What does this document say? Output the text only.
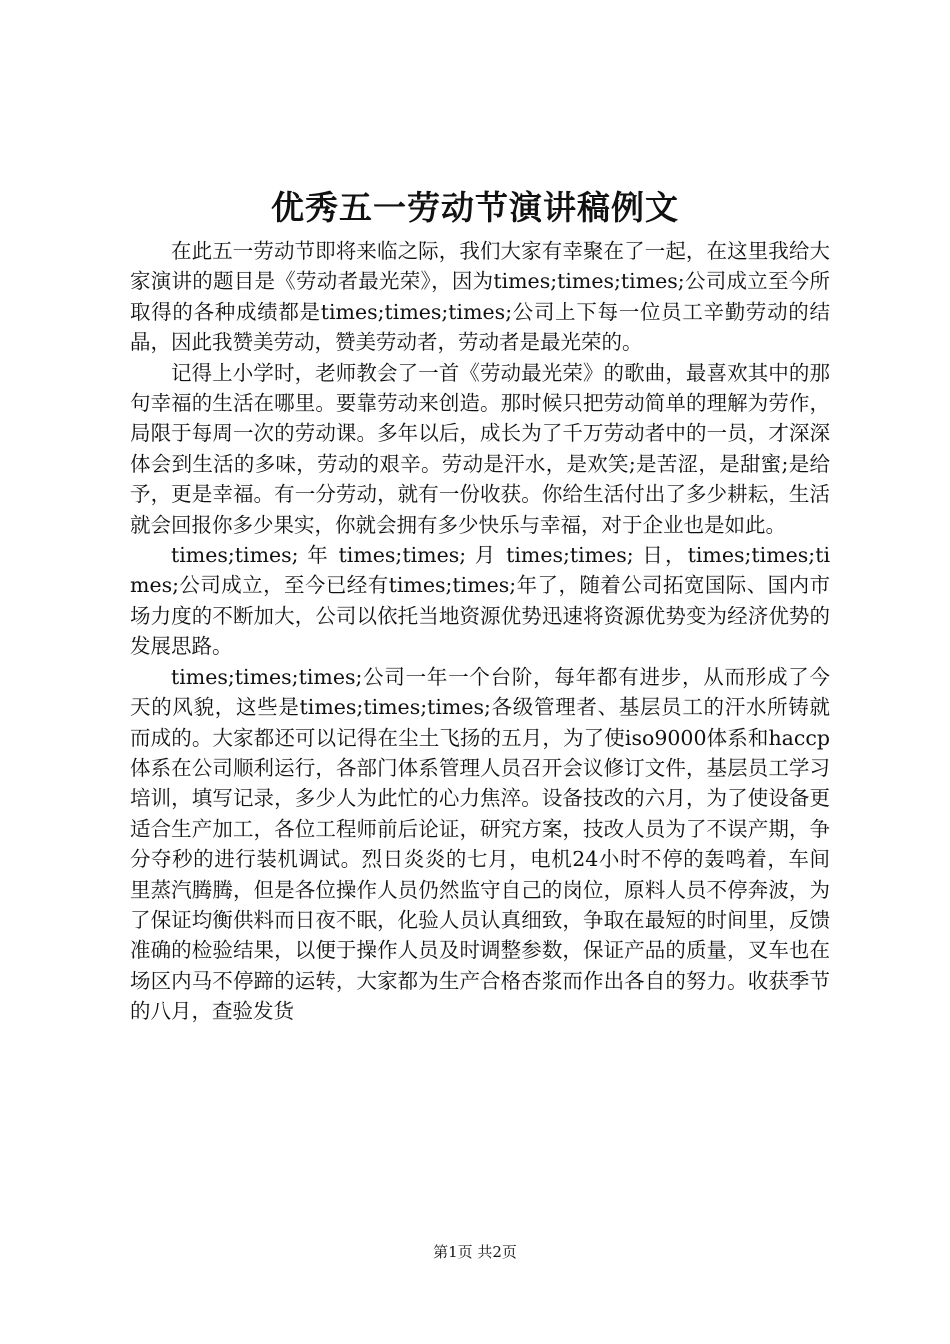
优秀五一劳动节演讲稿例文

在此五一劳动节即将来临之际，我们大家有幸聚在了一起，在这里我给大家演讲的题目是《劳动者最光荣》，因为times;times;times;公司成立至今所取得的各种成绩都是times;times;times;公司上下每一位员工辛勤劳动的结晶，因此我赞美劳动，赞美劳动者，劳动者是最光荣的。

记得上小学时，老师教会了一首《劳动最光荣》的歌曲，最喜欢其中的那句幸福的生活在哪里。要靠劳动来创造。那时候只把劳动简单的理解为劳作，局限于每周一次的劳动课。多年以后，成长为了千万劳动者中的一员，才深深体会到生活的多味，劳动的艰辛。劳动是汗水，是欢笑;是苦涩，是甜蜜;是给予，更是幸福。有一分劳动，就有一份收获。你给生活付出了多少耕耘，生活就会回报你多少果实，你就会拥有多少快乐与幸福，对于企业也是如此。

times;times; 年 times;times; 月 times;times; 日，times;times;times;公司成立，至今已经有times;times;年了，随着公司拓宽国际、国内市场力度的不断加大，公司以依托当地资源优势迅速将资源优势变为经济优势的发展思路。

times;times;times;公司一年一个台阶，每年都有进步，从而形成了今天的风貌，这些是times;times;times;各级管理者、基层员工的汗水所铸就而成的。大家都还可以记得在尘土飞扬的五月，为了使iso9000体系和haccp体系在公司顺利运行，各部门体系管理人员召开会议修订文件，基层员工学习培训，填写记录，多少人为此忙的心力焦淬。设备技改的六月，为了使设备更适合生产加工，各位工程师前后论证，研究方案，技改人员为了不误产期，争分夺秒的进行装机调试。烈日炎炎的七月，电机24小时不停的轰鸣着，车间里蒸汽腾腾，但是各位操作人员仍然监守自己的岗位，原料人员不停奔波，为了保证均衡供料而日夜不眠，化验人员认真细致，争取在最短的时间里，反馈准确的检验结果，以便于操作人员及时调整参数，保证产品的质量，叉车也在场区内马不停蹄的运转，大家都为生产合格杏浆而作出各自的努力。收获季节的八月，查验发货

第1页 共2页
